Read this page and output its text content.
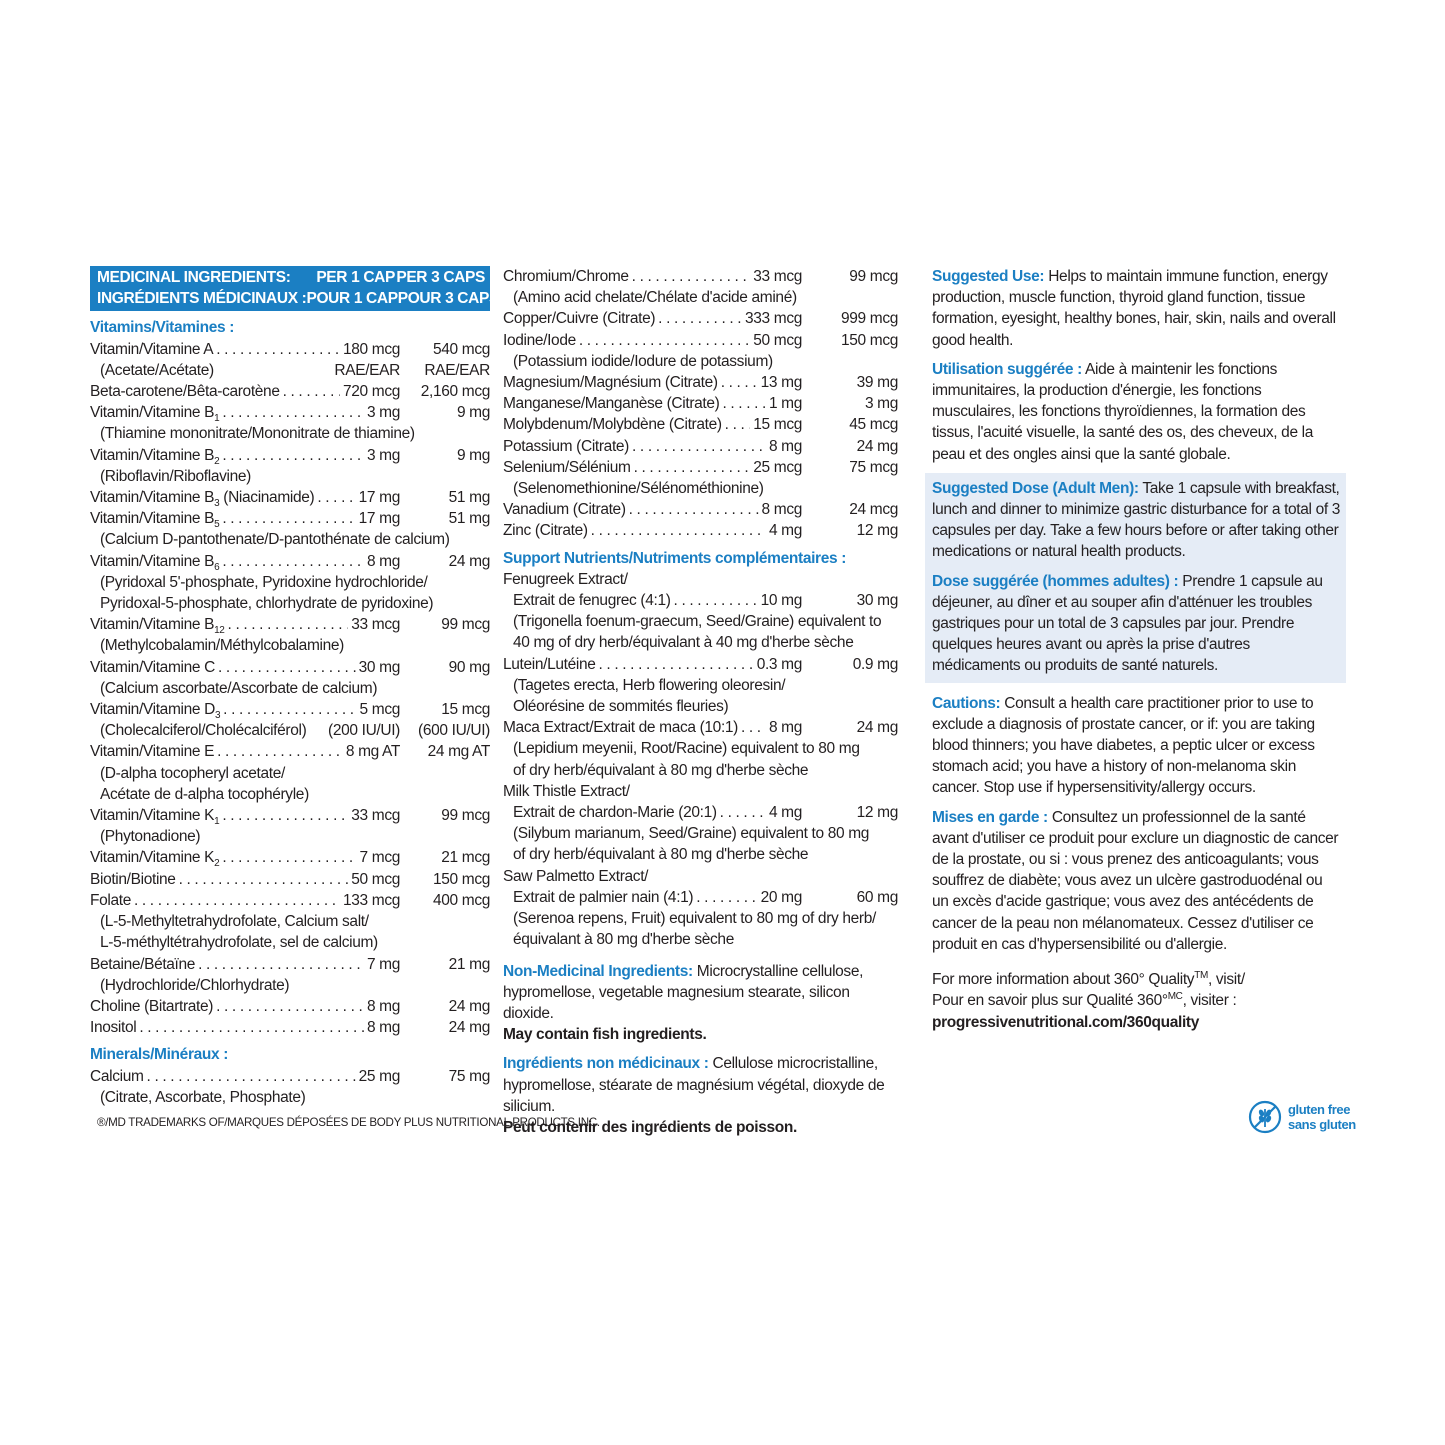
MEDICINAL INGREDIENTS: PER 1 CAP PER 3 CAPS
INGRÉDIENTS MÉDICINAUX : POUR 1 CAP POUR 3 CAPS
Vitamins/Vitamines :
Vitamin/Vitamine A . . .	180 mcg	540 mcg
(Acetate/Acétate)	RAE/EAR	RAE/EAR
Beta-carotene/Bêta-carotène . . .	720 mcg	2,160 mcg
Vitamin/Vitamine $B_1$ . . .	3 mg	9 mg
(Thiamine mononitrate/Mononitrate de thiamine)
Vitamin/Vitamine $B_2$ . . .	3 mg	9 mg
(Riboflavin/Riboflavine)
Vitamin/Vitamine $B_3$ (Niacinamide) . . .	17 mg	51 mg
Vitamin/Vitamine $B_5$ . . .	17 mg	51 mg
(Calcium D-pantothenate/D-pantothénate de calcium)
Vitamin/Vitamine $B_6$ . . .	8 mg	24 mg
(Pyridoxal 5'-phosphate, Pyridoxine hydrochloride/
Pyridoxal-5-phosphate, chlorhydrate de pyridoxine)
Vitamin/Vitamine $B_{12}$ . . .	33 mcg	99 mcg
(Methylcobalamin/Méthylcobalamine)
Vitamin/Vitamine C . . .	30 mg	90 mg
(Calcium ascorbate/Ascorbate de calcium)
Vitamin/Vitamine $D_3$ . . .	5 mcg	15 mcg
(Cholecalciferol/Cholécalciférol) (200 IU/UI)	(600 IU/UI)
Vitamin/Vitamine E . . .	8 mg AT	24 mg AT
(D-alpha tocopheryl acetate/
Acétate de d-alpha tocophéryle)
Vitamin/Vitamine $K_1$ . . .	33 mcg	99 mcg
(Phytonadione)
Vitamin/Vitamine $K_2$ . . .	7 mcg	21 mcg
Biotin/Biotine . . .	50 mcg	150 mcg
Folate . . .	133 mcg	400 mcg
(L-5-Methyltetrahydrofolate, Calcium salt/
L-5-méthyltétrahydrofolate, sel de calcium)
Betaine/Bétaïne . . .	7 mg	21 mg
(Hydrochloride/Chlorhydrate)
Choline (Bitartrate) . . .	8 mg	24 mg
Inositol . . .	8 mg	24 mg
Minerals/Minéraux :
Calcium . . .	25 mg	75 mg
(Citrate, Ascorbate, Phosphate)
Chromium/Chrome . . .	33 mcg	99 mcg
(Amino acid chelate/Chélate d'acide aminé)
Copper/Cuivre (Citrate) . . .	333 mcg	999 mcg
Iodine/Iode . . .	50 mcg	150 mcg
(Potassium iodide/Iodure de potassium)
Magnesium/Magnésium (Citrate) . . .	13 mg	39 mg
Manganese/Manganèse (Citrate) . . .	1 mg	3 mg
Molybdenum/Molybdène (Citrate) . . . 15 mcg	45 mcg
Potassium (Citrate) . . .	8 mg	24 mg
Selenium/Sélénium . . .	25 mcg	75 mcg
(Selenomethionine/Sélénométhionine)
Vanadium (Citrate) . . .	8 mcg	24 mcg
Zinc (Citrate) . . .	4 mg	12 mg
Support Nutrients/Nutriments complémentaires :
Fenugreek Extract/
Extrait de fenugrec (4:1) . . .	10 mg	30 mg
(Trigonella foenum-graecum, Seed/Graine) equivalent to
40 mg of dry herb/équivalant à 40 mg d'herbe sèche
Lutein/Lutéine . . .	0.3 mg	0.9 mg
(Tagetes erecta, Herb flowering oleoresin/
Oléorésine de sommités fleuries)
Maca Extract/Extrait de maca (10:1) . . . 8 mg	24 mg
(Lepidium meyenii, Root/Racine) equivalent to 80 mg
of dry herb/équivalant à 80 mg d'herbe sèche
Milk Thistle Extract/
Extrait de chardon-Marie (20:1) . . .	4 mg	12 mg
(Silybum marianum, Seed/Graine) equivalent to 80 mg
of dry herb/équivalant à 80 mg d'herbe sèche
Saw Palmetto Extract/
Extrait de palmier nain (4:1) . . .	20 mg	60 mg
(Serenoa repens, Fruit) equivalent to 80 mg of dry herb/
équivalant à 80 mg d'herbe sèche
Non-Medicinal Ingredients: Microcrystalline cellulose, hypromellose, vegetable magnesium stearate, silicon dioxide.
May contain fish ingredients.
Ingrédients non médicinaux : Cellulose microcristalline, hypromellose, stéarate de magnésium végétal, dioxyde de silicium.
Peut contenir des ingrédients de poisson.
Suggested Use: Helps to maintain immune function, energy production, muscle function, thyroid gland function, tissue formation, eyesight, healthy bones, hair, skin, nails and overall good health.
Utilisation suggérée : Aide à maintenir les fonctions immunitaires, la production d'énergie, les fonctions musculaires, les fonctions thyroïdiennes, la formation des tissus, l'acuité visuelle, la santé des os, des cheveux, de la peau et des ongles ainsi que la santé globale.
Suggested Dose (Adult Men): Take 1 capsule with breakfast, lunch and dinner to minimize gastric disturbance for a total of 3 capsules per day. Take a few hours before or after taking other medications or natural health products.
Dose suggérée (hommes adultes) : Prendre 1 capsule au déjeuner, au dîner et au souper afin d'atténuer les troubles gastriques pour un total de 3 capsules par jour. Prendre quelques heures avant ou après la prise d'autres médicaments ou produits de santé naturels.
Cautions: Consult a health care practitioner prior to use to exclude a diagnosis of prostate cancer, or if: you are taking blood thinners; you have diabetes, a peptic ulcer or excess stomach acid; you have a history of non-melanoma skin cancer. Stop use if hypersensitivity/allergy occurs.
Mises en garde : Consultez un professionnel de la santé avant d'utiliser ce produit pour exclure un diagnostic de cancer de la prostate, ou si : vous prenez des anticoagulants; vous souffrez de diabète; vous avez un ulcère gastroduodénal ou un excès d'acide gastrique; vous avez des antécédents de cancer de la peau non mélanomateux. Cessez d'utiliser ce produit en cas d'hypersensibilité ou d'allergie.
For more information about 360° Quality™, visit/
Pour en savoir plus sur Qualité 360°$^{MC}$, visiter :
progressivenutritional.com/360quality
®/MD TRADEMARKS OF/MARQUES DÉPOSÉES DE BODY PLUS NUTRITIONAL PRODUCTS INC.
gluten free
sans gluten
